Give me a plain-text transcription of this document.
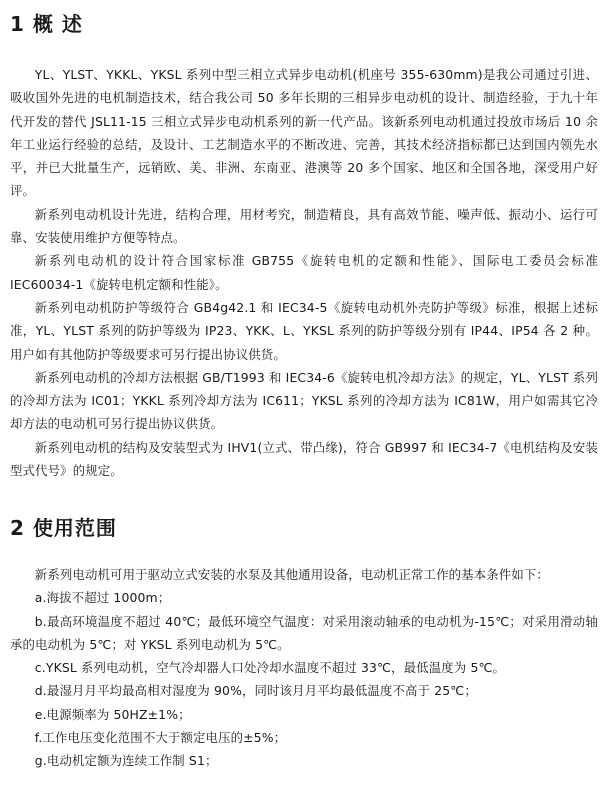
1 概 述

YL、YLST、YKKL、YKSL 系列中型三相立式异步电动机(机座号 355-630mm)是我公司通过引进、吸收国外先进的电机制造技术，结合我公司 50 多年长期的三相异步电动机的设计、制造经验，于九十年代开发的替代 JSL11-15 三相立式异步电动机系列的新一代产品。该新系列电动机通过投放市场后 10 余年工业运行经验的总结，及设计、工艺制造水平的不断改进、完善，其技术经济指标都已达到国内领先水平，并已大批量生产，远销欧、美、非洲、东南亚、港澳等 20 多个国家、地区和全国各地，深受用户好评。

新系列电动机设计先进，结构合理，用材考究，制造精良，具有高效节能、噪声低、振动小、运行可靠、安装使用维护方便等特点。

新系列电动机的设计符合国家标准 GB755《旋转电机的定额和性能》、国际电工委员会标准 IEC60034-1《旋转电机定额和性能》。

新系列电动机防护等级符合 GB4g42.1 和 IEC34-5《旋转电动机外壳防护等级》标准，根据上述标准，YL、YLST 系列的防护等级为 IP23、YKK、L、YKSL 系列的防护等级分别有 IP44、IP54 各 2 种。用户如有其他防护等级要求可另行提出协议供货。

新系列电动机的冷却方法根据 GB/T1993 和 IEC34-6《旋转电机冷却方法》的规定，YL、YLST 系列的冷却方法为 IC01；YKKL 系列冷却方法为 IC611；YKSL 系列的冷却方法为 IC81W，用户如需其它冷却方法的电动机可另行提出协议供货。

新系列电动机的结构及安装型式为 IHV1(立式、带凸缘)，符合 GB997 和 IEC34-7《电机结构及安装型式代号》的规定。

2 使用范围

新系列电动机可用于驱动立式安装的水泵及其他通用设备，电动机正常工作的基本条件如下：

a.海拔不超过 1000m；

b.最高环境温度不超过 40℃；最低环境空气温度：对采用滚动轴承的电动机为-15℃；对采用滑动轴承的电动机为 5℃；对 YKSL 系列电动机为 5℃。

c.YKSL 系列电动机，空气冷却器人口处冷却水温度不超过 33℃，最低温度为 5℃。

d.最湿月月平均最高相对湿度为 90%，同时该月月平均最低温度不高于 25℃；

e.电源频率为 50HZ±1%；

f.工作电压变化范围不大于额定电压的±5%；

g.电动机定额为连续工作制 S1；
